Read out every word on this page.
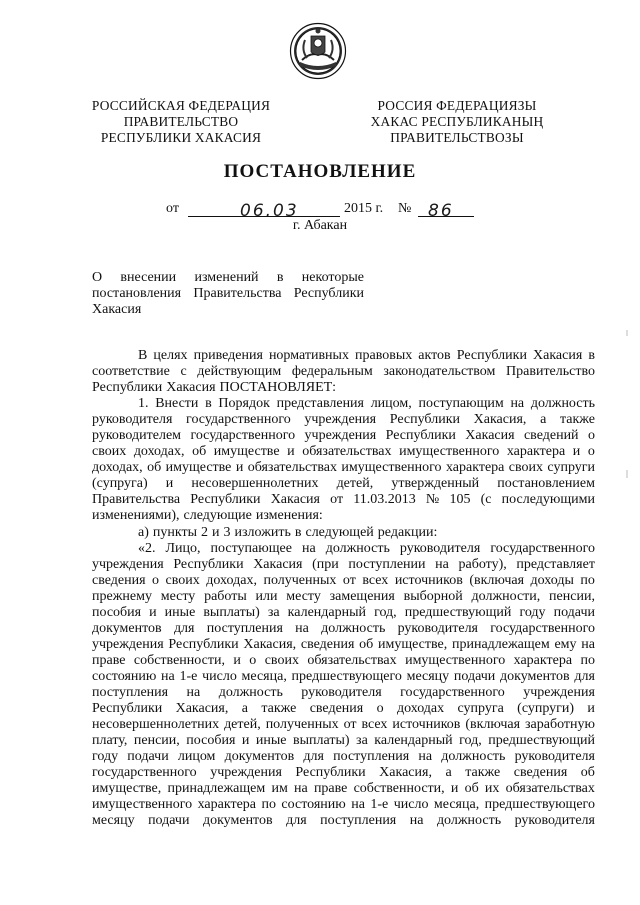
РОССИЙСКАЯ ФЕДЕРАЦИЯ
ПРАВИТЕЛЬСТВО
РЕСПУБЛИКИ ХАКАСИЯ
РОССИЯ ФЕДЕРАЦИЯЗЫ
ХАКАС РЕСПУБЛИКАНЫҢ
ПРАВИТЕЛЬСТВОЗЫ
ПОСТАНОВЛЕНИЕ
от	06.03	2015 г. № 86
г. Абакан
О внесении изменений в некоторые
постановления Правительства Республики
Хакасия
В целях приведения нормативных правовых актов Республики Хакасия в
соответствие с действующим федеральным законодательством Правительство
Республики Хакасия ПОСТАНОВЛЯЕТ:
1. Внести в Порядок представления лицом, поступающим на должность
руководителя государственного учреждения Республики Хакасия, а также
руководителем государственного учреждения Республики Хакасия сведений о
своих доходах, об имуществе и обязательствах имущественного характера и о
доходах, об имуществе и обязательствах имущественного характера своих супруги
(супруга) и несовершеннолетних детей, утвержденный постановлением
Правительства Республики Хакасия от 11.03.2013 № 105 (с последующими
изменениями), следующие изменения:
а) пункты 2 и 3 изложить в следующей редакции:
«2. Лицо, поступающее на должность руководителя государственного
учреждения Республики Хакасия (при поступлении на работу), представляет
сведения о своих доходах, полученных от всех источников (включая доходы по
прежнему месту работы или месту замещения выборной должности, пенсии,
пособия и иные выплаты) за календарный год, предшествующий году подачи
документов для поступления на должность руководителя государственного
учреждения Республики Хакасия, сведения об имуществе, принадлежащем ему на
праве собственности, и о своих обязательствах имущественного характера по
состоянию на 1-е число месяца, предшествующего месяцу подачи документов для
поступления на должность руководителя государственного учреждения
Республики Хакасия, а также сведения о доходах супруга (супруги) и
несовершеннолетних детей, полученных от всех источников (включая заработную
плату, пенсии, пособия и иные выплаты) за календарный год, предшествующий
году подачи лицом документов для поступления на должность руководителя
государственного учреждения Республики Хакасия, а также сведения об
имуществе, принадлежащем им на праве собственности, и об их обязательствах
имущественного характера по состоянию на 1-е число месяца, предшествующего
месяцу подачи документов для поступления на должность руководителя
